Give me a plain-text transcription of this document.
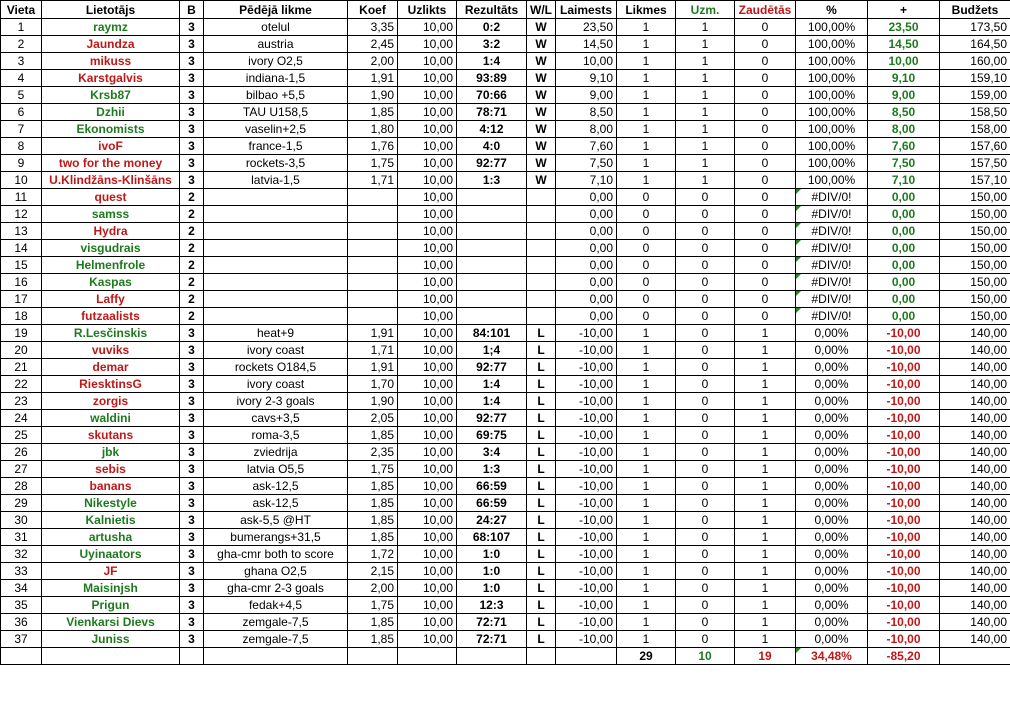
Vieta	Lietotājs	B	Pēdējā likme	Koef	Uzlikts	Rezultāts	W/L	Laimests	Likmes	Uzm.	Zaudētās	%	+	Budžets
1	raymz	3	otelul	3,35	10,00	0:2	W	23,50	1	1	0	100,00%	23,50	173,50
2	Jaundza	3	austria	2,45	10,00	3:2	W	14,50	1	1	0	100,00%	14,50	164,50
3	mikuss	3	ivory O2,5	2,00	10,00	1:4	W	10,00	1	1	0	100,00%	10,00	160,00
4	Karstgalvis	3	indiana-1,5	1,91	10,00	93:89	W	9,10	1	1	0	100,00%	9,10	159,10
5	Krsb87	3	bilbao +5,5	1,90	10,00	70:66	W	9,00	1	1	0	100,00%	9,00	159,00
6	Dzhii	3	TAU U158,5	1,85	10,00	78:71	W	8,50	1	1	0	100,00%	8,50	158,50
7	Ekonomists	3	vaselin+2,5	1,80	10,00	4:12	W	8,00	1	1	0	100,00%	8,00	158,00
8	ivoF	3	france-1,5	1,76	10,00	4:0	W	7,60	1	1	0	100,00%	7,60	157,60
9	two for the money	3	rockets-3,5	1,75	10,00	92:77	W	7,50	1	1	0	100,00%	7,50	157,50
10	U.Klindžāns-Klinšāns	3	latvia-1,5	1,71	10,00	1:3	W	7,10	1	1	0	100,00%	7,10	157,10
11	quest	2			10,00			0,00	0	0	0	#DIV/0!	0,00	150,00
12	samss	2			10,00			0,00	0	0	0	#DIV/0!	0,00	150,00
13	Hydra	2			10,00			0,00	0	0	0	#DIV/0!	0,00	150,00
14	visgudrais	2			10,00			0,00	0	0	0	#DIV/0!	0,00	150,00
15	Helmenfrole	2			10,00			0,00	0	0	0	#DIV/0!	0,00	150,00
16	Kaspas	2			10,00			0,00	0	0	0	#DIV/0!	0,00	150,00
17	Laffy	2			10,00			0,00	0	0	0	#DIV/0!	0,00	150,00
18	futzaalists	2			10,00			0,00	0	0	0	#DIV/0!	0,00	150,00
19	R.Lesčinskis	3	heat+9	1,91	10,00	84:101	L	-10,00	1	0	1	0,00%	-10,00	140,00
20	vuviks	3	ivory coast	1,71	10,00	1;4	L	-10,00	1	0	1	0,00%	-10,00	140,00
21	demar	3	rockets O184,5	1,91	10,00	92:77	L	-10,00	1	0	1	0,00%	-10,00	140,00
22	RiesktinsG	3	ivory coast	1,70	10,00	1:4	L	-10,00	1	0	1	0,00%	-10,00	140,00
23	zorgis	3	ivory 2-3 goals	1,90	10,00	1:4	L	-10,00	1	0	1	0,00%	-10,00	140,00
24	waldini	3	cavs+3,5	2,05	10,00	92:77	L	-10,00	1	0	1	0,00%	-10,00	140,00
25	skutans	3	roma-3,5	1,85	10,00	69:75	L	-10,00	1	0	1	0,00%	-10,00	140,00
26	jbk	3	zviedrija	2,35	10,00	3:4	L	-10,00	1	0	1	0,00%	-10,00	140,00
27	sebis	3	latvia O5,5	1,75	10,00	1:3	L	-10,00	1	0	1	0,00%	-10,00	140,00
28	banans	3	ask-12,5	1,85	10,00	66:59	L	-10,00	1	0	1	0,00%	-10,00	140,00
29	Nikestyle	3	ask-12,5	1,85	10,00	66:59	L	-10,00	1	0	1	0,00%	-10,00	140,00
30	Kalnietis	3	ask-5,5 @HT	1,85	10,00	24:27	L	-10,00	1	0	1	0,00%	-10,00	140,00
31	artusha	3	bumerangs+31,5	1,85	10,00	68:107	L	-10,00	1	0	1	0,00%	-10,00	140,00
32	Uyinaators	3	gha-cmr both to score	1,72	10,00	1:0	L	-10,00	1	0	1	0,00%	-10,00	140,00
33	JF	3	ghana O2,5	2,15	10,00	1:0	L	-10,00	1	0	1	0,00%	-10,00	140,00
34	Maisinjsh	3	gha-cmr 2-3 goals	2,00	10,00	1:0	L	-10,00	1	0	1	0,00%	-10,00	140,00
35	Prigun	3	fedak+4,5	1,75	10,00	12:3	L	-10,00	1	0	1	0,00%	-10,00	140,00
36	Vienkarsi Dievs	3	zemgale-7,5	1,85	10,00	72:71	L	-10,00	1	0	1	0,00%	-10,00	140,00
37	Juniss	3	zemgale-7,5	1,85	10,00	72:71	L	-10,00	1	0	1	0,00%	-10,00	140,00
									29	10	19	34,48%	-85,20	
